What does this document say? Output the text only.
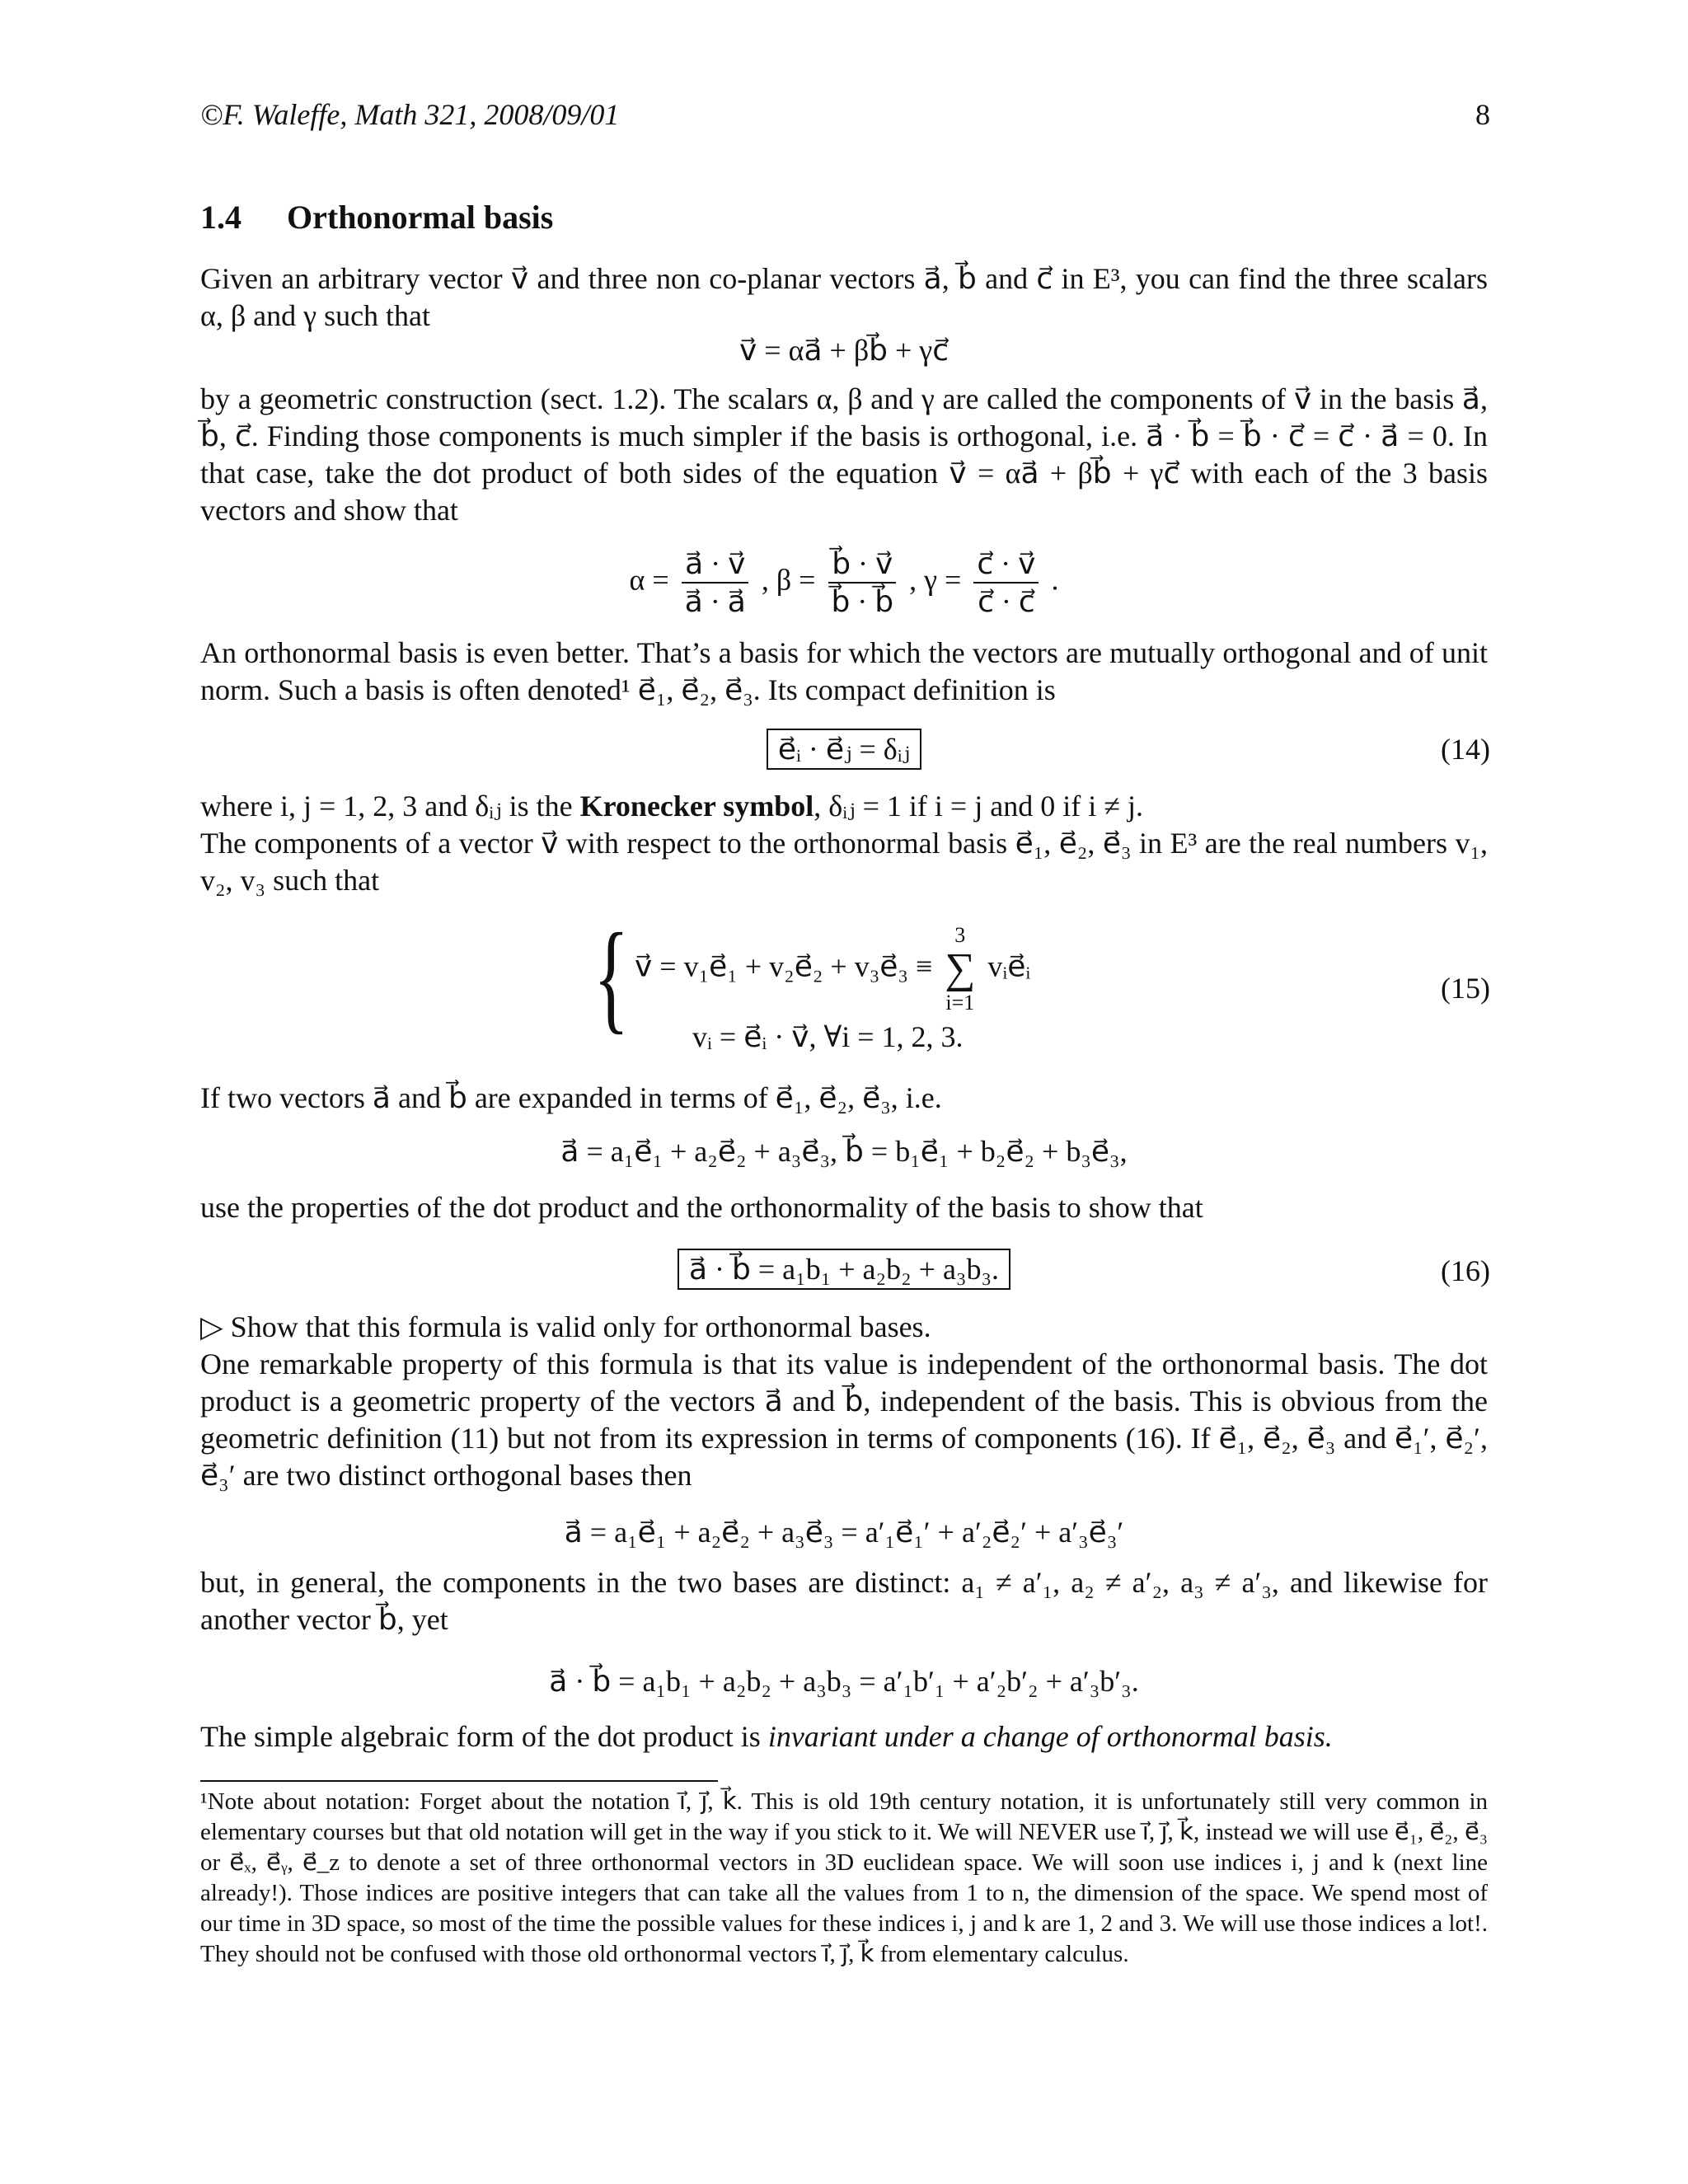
©F. Waleffe, Math 321, 2008/09/01	8
1.4 Orthonormal basis
Given an arbitrary vector v⃗ and three non co-planar vectors a⃗, b⃗ and c⃗ in E³, you can find the three scalars α, β and γ such that
v⃗ = αa⃗ + βb⃗ + γc⃗
by a geometric construction (sect. 1.2). The scalars α, β and γ are called the components of v⃗ in the basis a⃗, b⃗, c⃗. Finding those components is much simpler if the basis is orthogonal, i.e. a⃗ · b⃗ = b⃗ · c⃗ = c⃗ · a⃗ = 0. In that case, take the dot product of both sides of the equation v⃗ = αa⃗ + βb⃗ + γc⃗ with each of the 3 basis vectors and show that
$\alpha = \frac{a⃗ \cdot v⃗}{a⃗ \cdot a⃗}$ , $\beta = \frac{b⃗ \cdot v⃗}{b⃗ \cdot b⃗}$ , $\gamma = \frac{c⃗ \cdot v⃗}{c⃗ \cdot c⃗}$ .
An orthonormal basis is even better. That’s a basis for which the vectors are mutually orthogonal and of unit norm. Such a basis is often denoted¹ e⃗₁, e⃗₂, e⃗₃. Its compact definition is
e⃗ᵢ · e⃗ⱼ = δᵢⱼ	(14)
where i, j = 1, 2, 3 and δᵢⱼ is the Kronecker symbol, δᵢⱼ = 1 if i = j and 0 if i ≠ j.
The components of a vector v⃗ with respect to the orthonormal basis e⃗₁, e⃗₂, e⃗₃ in E³ are the real numbers v₁, v₂, v₃ such that
{ v⃗ = v₁e⃗₁ + v₂e⃗₂ + v₃e⃗₃ ≡
3
∑
i=1
vᵢe⃗ᵢ
vᵢ = e⃗ᵢ · v⃗, ∀i = 1, 2, 3.
(15)
If two vectors a⃗ and b⃗ are expanded in terms of e⃗₁, e⃗₂, e⃗₃, i.e.
a⃗ = a₁e⃗₁ + a₂e⃗₂ + a₃e⃗₃, b⃗ = b₁e⃗₁ + b₂e⃗₂ + b₃e⃗₃,
use the properties of the dot product and the orthonormality of the basis to show that
a⃗ · b⃗ = a₁b₁ + a₂b₂ + a₃b₃.	(16)
▷ Show that this formula is valid only for orthonormal bases.
One remarkable property of this formula is that its value is independent of the orthonormal basis. The dot product is a geometric property of the vectors a⃗ and b⃗, independent of the basis. This is obvious from the geometric definition (11) but not from its expression in terms of components (16). If e⃗₁, e⃗₂, e⃗₃ and e⃗₁′, e⃗₂′, e⃗₃′ are two distinct orthogonal bases then
a⃗ = a₁e⃗₁ + a₂e⃗₂ + a₃e⃗₃ = a′₁e⃗₁′ + a′₂e⃗₂′ + a′₃e⃗₃′
but, in general, the components in the two bases are distinct: a₁ ≠ a′₁, a₂ ≠ a′₂, a₃ ≠ a′₃, and likewise for another vector b⃗, yet
a⃗ · b⃗ = a₁b₁ + a₂b₂ + a₃b₃ = a′₁b′₁ + a′₂b′₂ + a′₃b′₃.
The simple algebraic form of the dot product is invariant under a change of orthonormal basis.
¹Note about notation: Forget about the notation ı⃗, ȷ⃗, k⃗. This is old 19th century notation, it is unfortunately still very common in elementary courses but that old notation will get in the way if you stick to it. We will NEVER use ı⃗, ȷ⃗, k⃗, instead we will use e⃗₁, e⃗₂, e⃗₃ or e⃗ₓ, e⃗ᵧ, e⃗_z to denote a set of three orthonormal vectors in 3D euclidean space. We will soon use indices i, j and k (next line already!). Those indices are positive integers that can take all the values from 1 to n, the dimension of the space. We spend most of our time in 3D space, so most of the time the possible values for these indices i, j and k are 1, 2 and 3. We will use those indices a lot!. They should not be confused with those old orthonormal vectors ı⃗, ȷ⃗, k⃗ from elementary calculus.
